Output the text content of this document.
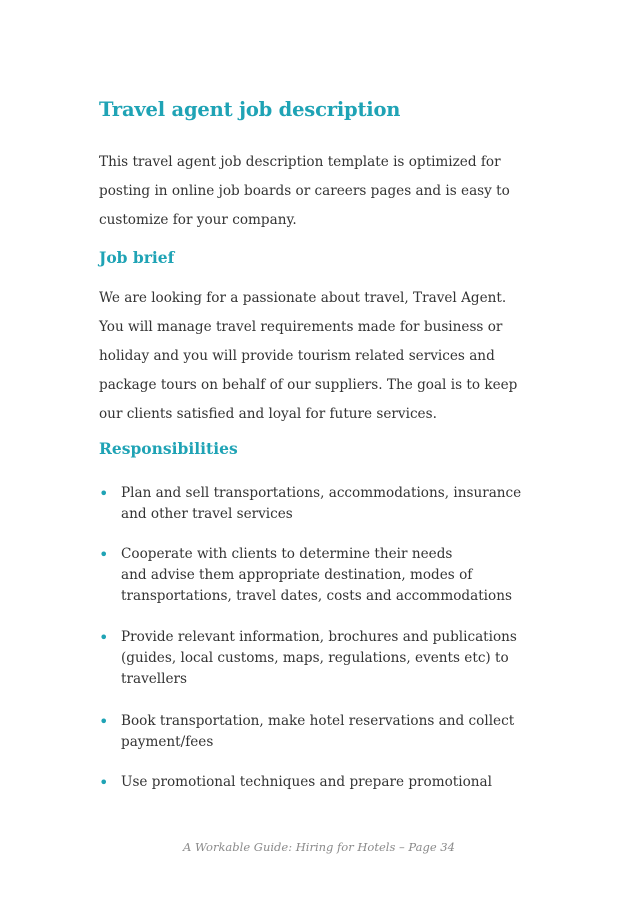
Travel agent job description

This travel agent job description template is optimized for
posting in online job boards or careers pages and is easy to
customize for your company.

Job brief

We are looking for a passionate about travel, Travel Agent.
You will manage travel requirements made for business or
holiday and you will provide tourism related services and
package tours on behalf of our suppliers. The goal is to keep
our clients satisfied and loyal for future services.

Responsibilities
• Plan and sell transportations, accommodations, insurance
and other travel services
• Cooperate with clients to determine their needs
and advise them appropriate destination, modes of
transportations, travel dates, costs and accommodations
• Provide relevant information, brochures and publications
(guides, local customs, maps, regulations, events etc) to
travellers
• Book transportation, make hotel reservations and collect
payment/fees
• Use promotional techniques and prepare promotional
A Workable Guide: Hiring for Hotels – Page 34
